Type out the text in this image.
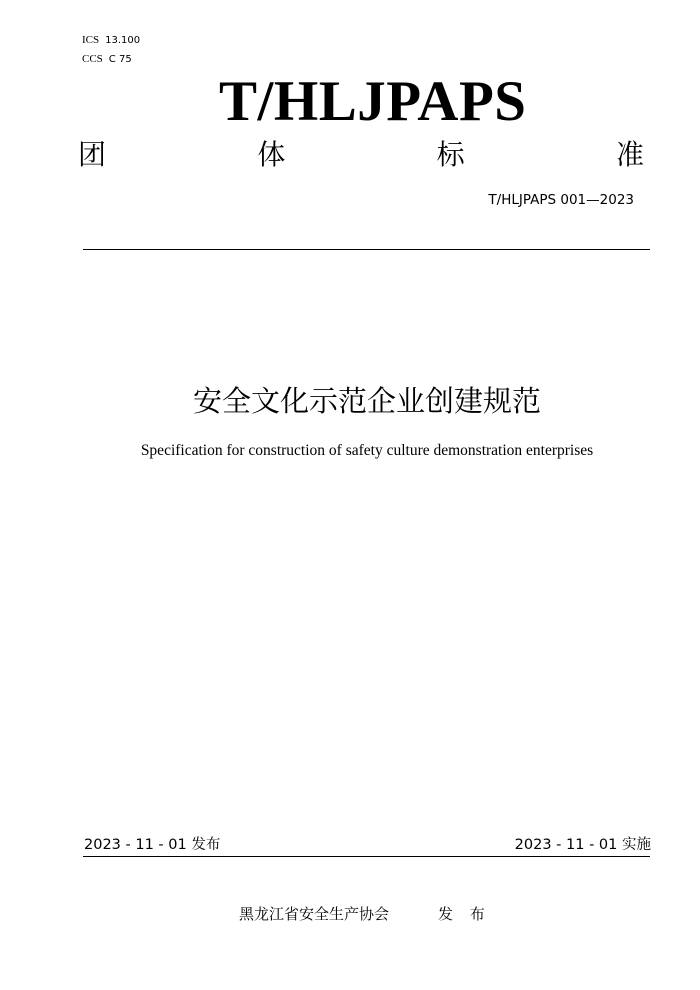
ICS 13.100
CCS C 75
T/HLJPAPS
团	体	标	准
T/HLJPAPS 001—2023
安全文化示范企业创建规范
Specification for construction of safety culture demonstration enterprises
2023 - 11 - 01 发布	2023 - 11 - 01 实施
黑龙江省安全生产协会	发 布
